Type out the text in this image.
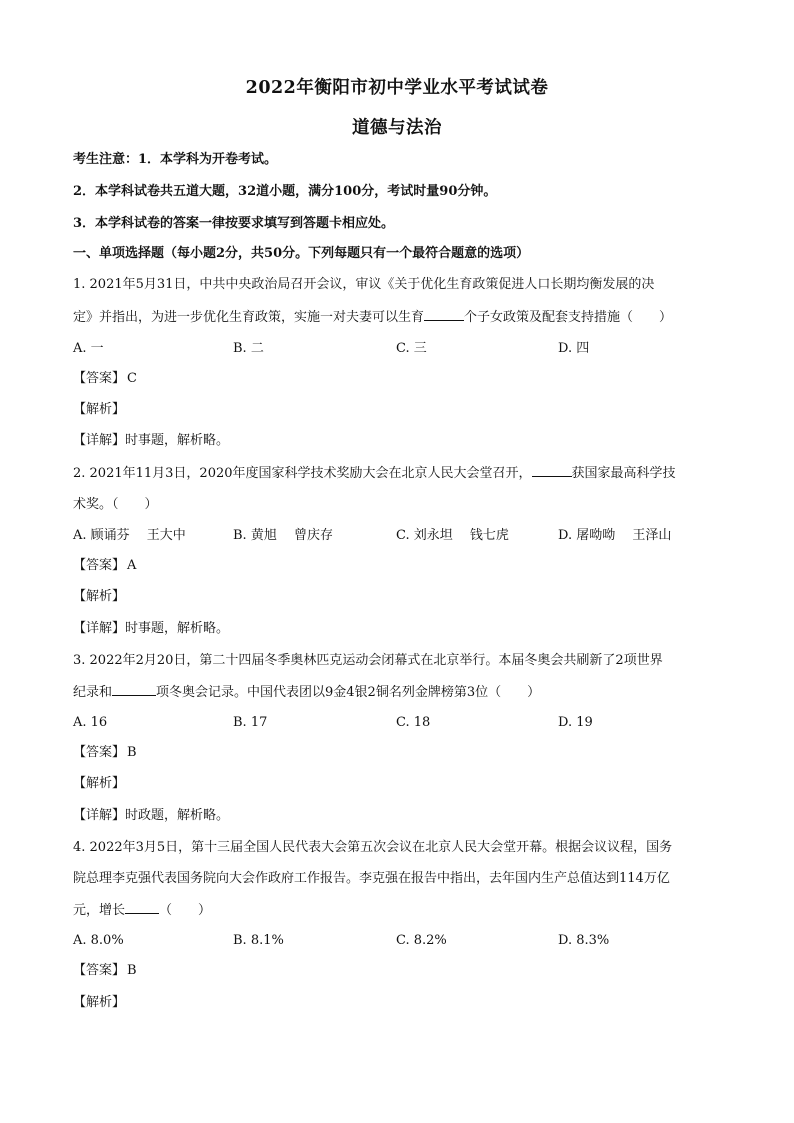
2022年衡阳市初中学业水平考试试卷
道德与法治
考生注意：1．本学科为开卷考试。
2．本学科试卷共五道大题，32道小题，满分100分，考试时量90分钟。
3．本学科试卷的答案一律按要求填写到答题卡相应处。
一、单项选择题（每小题2分，共50分。下列每题只有一个最符合题意的选项）
1. 2021年5月31日，中共中央政治局召开会议，审议《关于优化生育政策促进人口长期均衡发展的决
定》并指出，为进一步优化生育政策，实施一对夫妻可以生育	个子女政策及配套支持措施（　　）
A. 一	B. 二	C. 三	D. 四
【答案】 C
【解析】
【详解】时事题，解析略。
2. 2021年11月3日，2020年度国家科学技术奖励大会在北京人民大会堂召开，	获国家最高科学技
术奖。（　　）
A. 顾诵芬　 王大中	B. 黄旭　 曾庆存	C. 刘永坦　 钱七虎	D. 屠呦呦　 王泽山
【答案】 A
【解析】
【详解】时事题，解析略。
3. 2022年2月20日，第二十四届冬季奥林匹克运动会闭幕式在北京举行。本届冬奥会共刷新了2项世界
纪录和	项冬奥会记录。中国代表团以9金4银2铜名列金牌榜第3位（　　）
A. 16	B. 17	C. 18	D. 19
【答案】 B
【解析】
【详解】时政题，解析略。
4. 2022年3月5日，第十三届全国人民代表大会第五次会议在北京人民大会堂开幕。根据会议议程，国务
院总理李克强代表国务院向大会作政府工作报告。李克强在报告中指出，去年国内生产总值达到114万亿
元，增长	（　　）
A. 8.0%	B. 8.1%	C. 8.2%	D. 8.3%
【答案】 B
【解析】
